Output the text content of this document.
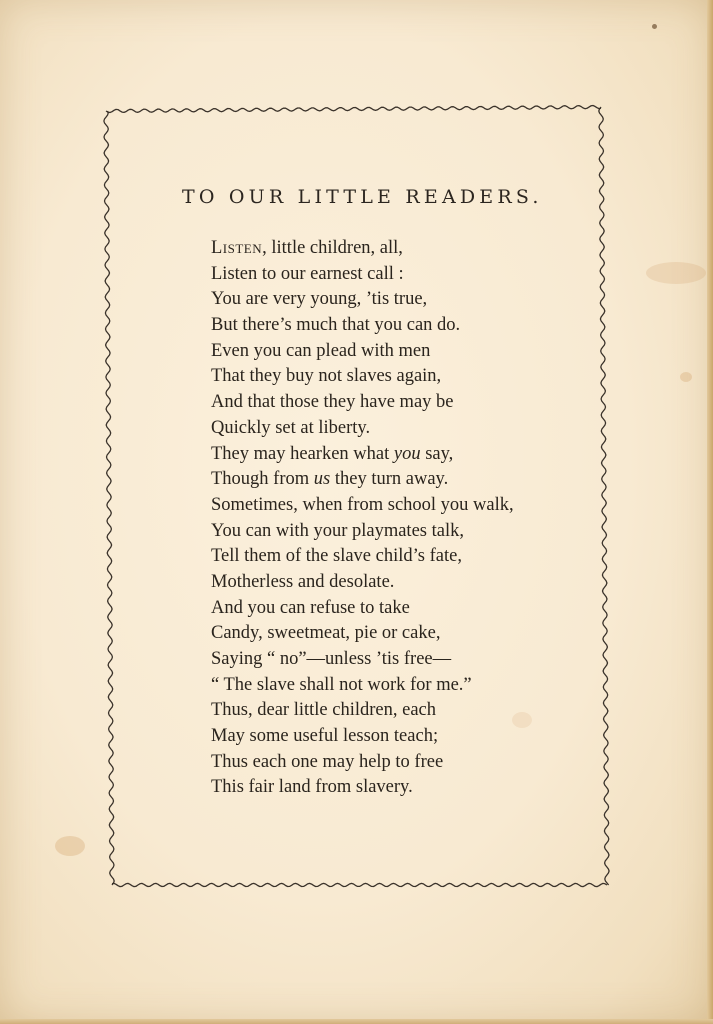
TO OUR LITTLE READERS.
Listen, little children, all,
Listen to our earnest call :
You are very young, ’tis true,
But there’s much that you can do.
Even you can plead with men
That they buy not slaves again,
And that those they have may be
Quickly set at liberty.
They may hearken what you say,
Though from us they turn away.
Sometimes, when from school you walk,
You can with your playmates talk,
Tell them of the slave child’s fate,
Motherless and desolate.
And you can refuse to take
Candy, sweetmeat, pie or cake,
Saying “ no”—unless ’tis free—
“ The slave shall not work for me.”
Thus, dear little children, each
May some useful lesson teach;
Thus each one may help to free
This fair land from slavery.
